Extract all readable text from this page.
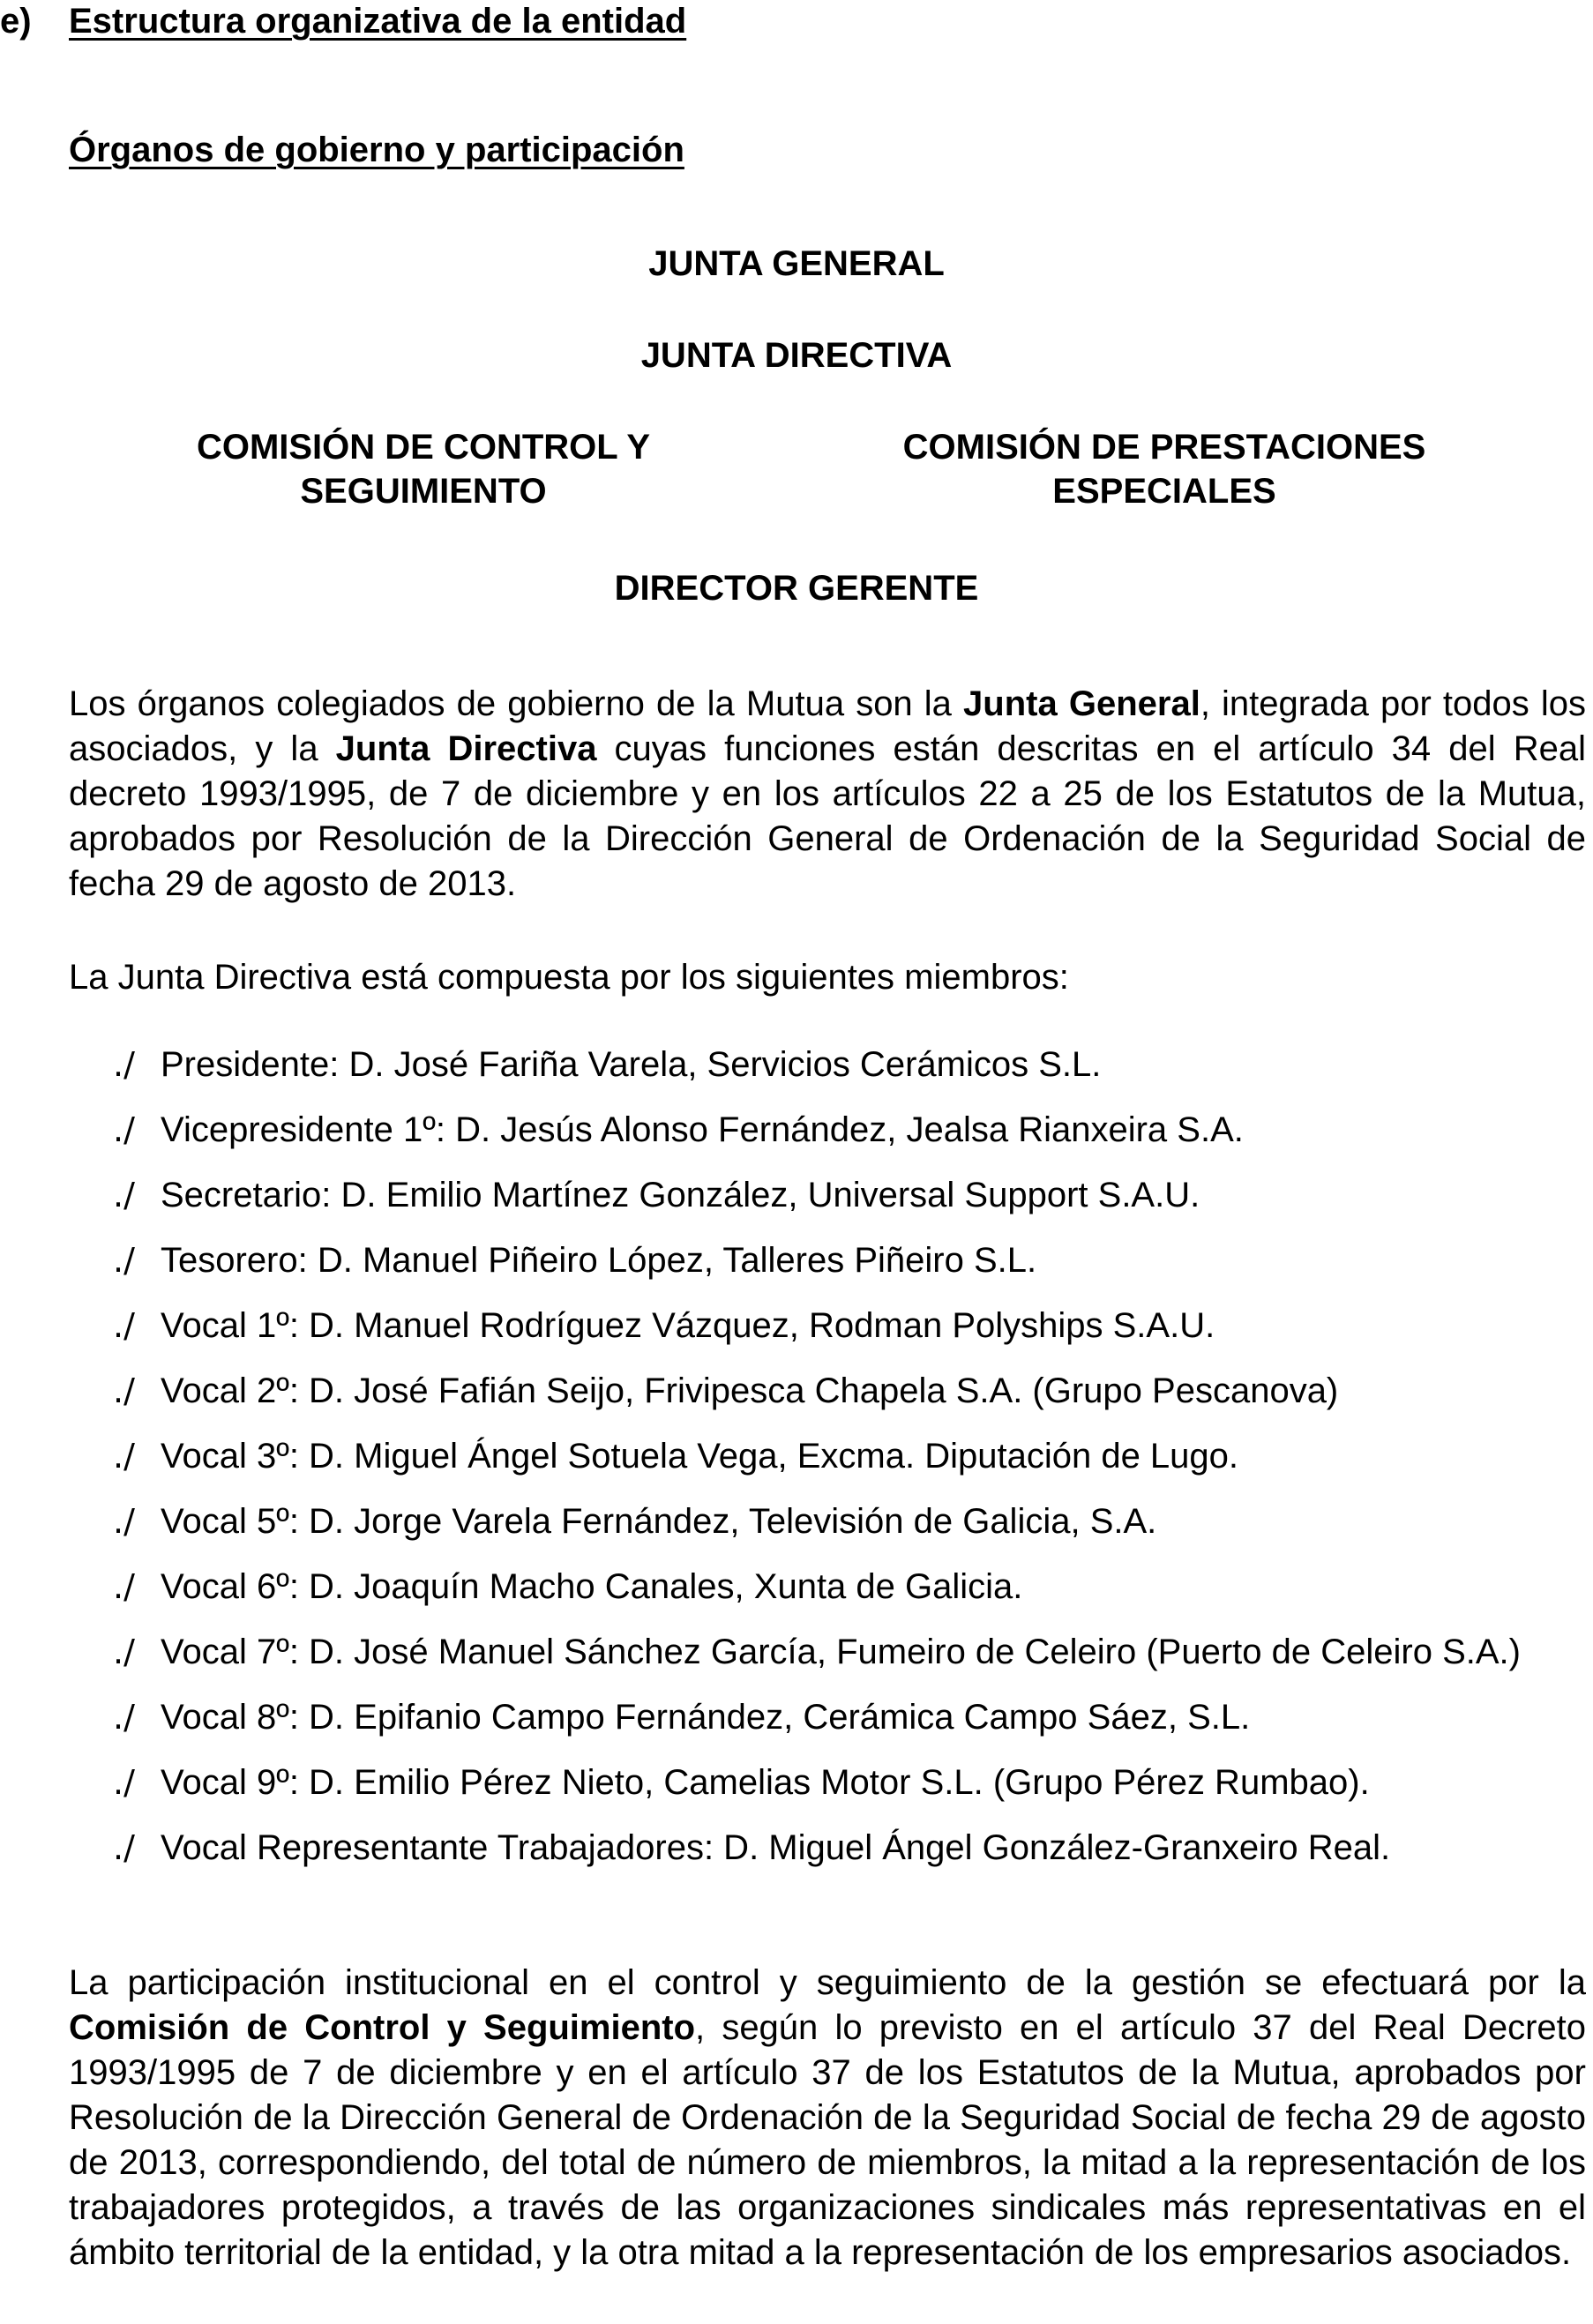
e) Estructura organizativa de la entidad
Órganos de gobierno y participación
JUNTA GENERAL
JUNTA DIRECTIVA
COMISIÓN DE CONTROL Y SEGUIMIENTO
COMISIÓN DE PRESTACIONES ESPECIALES
DIRECTOR GERENTE

Los órganos colegiados de gobierno de la Mutua son la Junta General, integrada por todos los asociados, y la Junta Directiva cuyas funciones están descritas en el artículo 34 del Real decreto 1993/1995, de 7 de diciembre y en los artículos 22 a 25 de los Estatutos de la Mutua, aprobados por Resolución de la Dirección General de Ordenación de la Seguridad Social de fecha 29 de agosto de 2013.

La Junta Directiva está compuesta por los siguientes miembros:

./ Presidente: D. José Fariña Varela, Servicios Cerámicos S.L.
./ Vicepresidente 1º: D. Jesús Alonso Fernández, Jealsa Rianxeira S.A.
./ Secretario: D. Emilio Martínez González, Universal Support S.A.U.
./ Tesorero: D. Manuel Piñeiro López, Talleres Piñeiro S.L.
./ Vocal 1º: D. Manuel Rodríguez Vázquez, Rodman Polyships S.A.U.
./ Vocal 2º: D. José Fafián Seijo, Frivipesca Chapela S.A. (Grupo Pescanova)
./ Vocal 3º: D. Miguel Ángel Sotuela Vega, Excma. Diputación de Lugo.
./ Vocal 5º: D. Jorge Varela Fernández, Televisión de Galicia, S.A.
./ Vocal 6º: D. Joaquín Macho Canales, Xunta de Galicia.
./ Vocal 7º: D. José Manuel Sánchez García, Fumeiro de Celeiro (Puerto de Celeiro S.A.)
./ Vocal 8º: D. Epifanio Campo Fernández, Cerámica Campo Sáez, S.L.
./ Vocal 9º: D. Emilio Pérez Nieto, Camelias Motor S.L. (Grupo Pérez Rumbao).
./ Vocal Representante Trabajadores: D. Miguel Ángel González-Granxeiro Real.

La participación institucional en el control y seguimiento de la gestión se efectuará por la Comisión de Control y Seguimiento, según lo previsto en el artículo 37 del Real Decreto 1993/1995 de 7 de diciembre y en el artículo 37 de los Estatutos de la Mutua, aprobados por Resolución de la Dirección General de Ordenación de la Seguridad Social de fecha 29 de agosto de 2013, correspondiendo, del total de número de miembros, la mitad a la representación de los trabajadores protegidos, a través de las organizaciones sindicales más representativas en el ámbito territorial de la entidad, y la otra mitad a la representación de los empresarios asociados.
